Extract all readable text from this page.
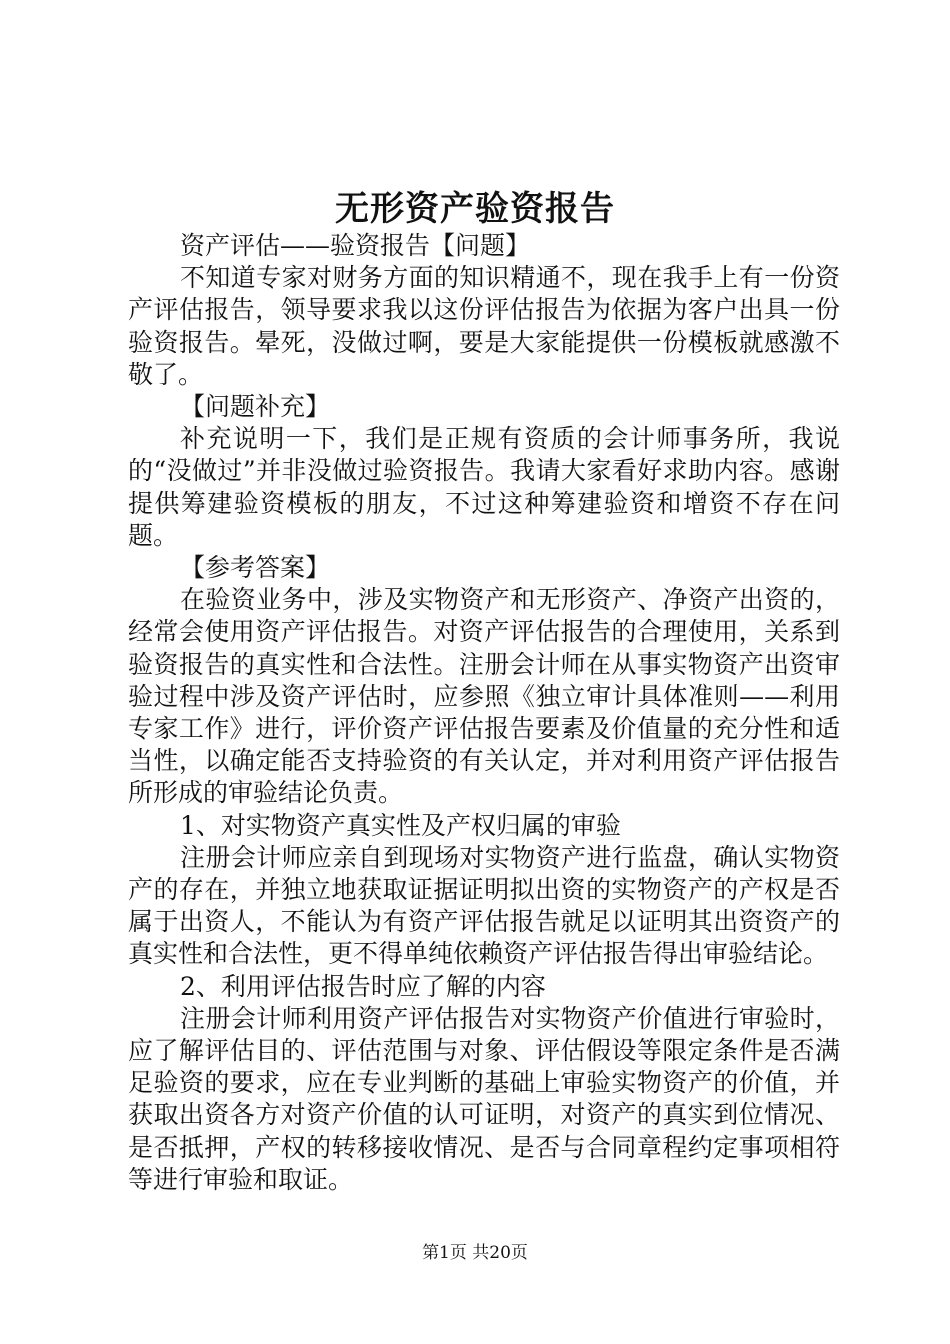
无形资产验资报告

资产评估——验资报告【问题】

不知道专家对财务方面的知识精通不，现在我手上有一份资产评估报告，领导要求我以这份评估报告为依据为客户出具一份验资报告。晕死，没做过啊，要是大家能提供一份模板就感激不敬了。

【问题补充】

补充说明一下，我们是正规有资质的会计师事务所，我说的“没做过”并非没做过验资报告。我请大家看好求助内容。感谢提供筹建验资模板的朋友，不过这种筹建验资和增资不存在问题。

【参考答案】

在验资业务中，涉及实物资产和无形资产、净资产出资的，经常会使用资产评估报告。对资产评估报告的合理使用，关系到验资报告的真实性和合法性。注册会计师在从事实物资产出资审验过程中涉及资产评估时，应参照《独立审计具体准则——利用专家工作》进行，评价资产评估报告要素及价值量的充分性和适当性，以确定能否支持验资的有关认定，并对利用资产评估报告所形成的审验结论负责。

1、对实物资产真实性及产权归属的审验

注册会计师应亲自到现场对实物资产进行监盘，确认实物资产的存在，并独立地获取证据证明拟出资的实物资产的产权是否属于出资人，不能认为有资产评估报告就足以证明其出资资产的真实性和合法性，更不得单纯依赖资产评估报告得出审验结论。

2、利用评估报告时应了解的内容

注册会计师利用资产评估报告对实物资产价值进行审验时，应了解评估目的、评估范围与对象、评估假设等限定条件是否满足验资的要求，应在专业判断的基础上审验实物资产的价值，并获取出资各方对资产价值的认可证明，对资产的真实到位情况、是否抵押，产权的转移接收情况、是否与合同章程约定事项相符等进行审验和取证。

第1页 共20页
